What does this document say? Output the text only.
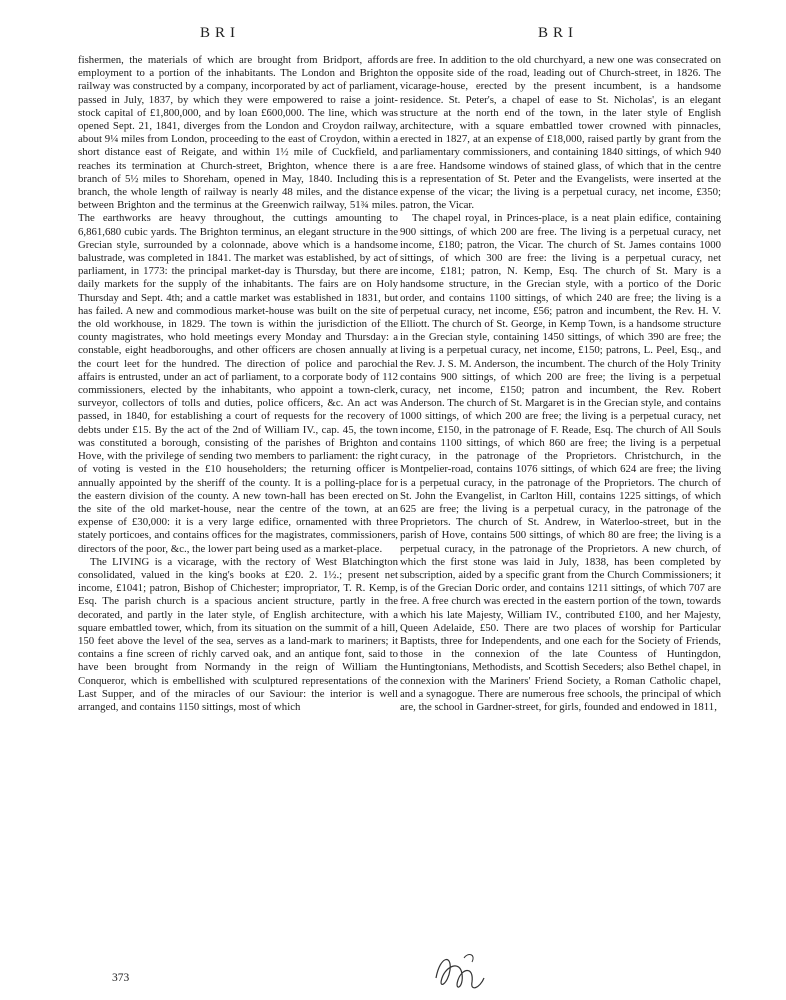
BRI	BRI

fishermen, the materials of which are brought from Bridport, affords employment to a portion of the inhabitants. The London and Brighton railway was constructed by a company, incorporated by act of parliament, passed in July, 1837, by which they were empowered to raise a joint-stock capital of £1,800,000, and by loan £600,000. The line, which was opened Sept. 21, 1841, diverges from the London and Croydon railway, about 9¼ miles from London, proceeding to the east of Croydon, within a short distance east of Reigate, and within 1½ mile of Cuckfield, and reaches its termination at Church-street, Brighton, whence there is a branch of 5½ miles to Shoreham, opened in May, 1840. Including this branch, the whole length of railway is nearly 48 miles, and the distance between Brighton and the terminus at the Greenwich railway, 51¾ miles. The earthworks are heavy throughout, the cuttings amounting to 6,861,680 cubic yards. The Brighton terminus, an elegant structure in the Grecian style, surrounded by a colonnade, above which is a handsome balustrade, was completed in 1841. The market was established, by act of parliament, in 1773: the principal market-day is Thursday, but there are daily markets for the supply of the inhabitants. The fairs are on Holy Thursday and Sept. 4th; and a cattle market was established in 1831, but has failed. A new and commodious market-house was built on the site of the old workhouse, in 1829. The town is within the jurisdiction of the county magistrates, who hold meetings every Monday and Thursday: a constable, eight headboroughs, and other officers are chosen annually at the court leet for the hundred. The direction of police and parochial affairs is entrusted, under an act of parliament, to a corporate body of 112 commissioners, elected by the inhabitants, who appoint a town-clerk, surveyor, collectors of tolls and duties, police officers, &c. An act was passed, in 1840, for establishing a court of requests for the recovery of debts under £15. By the act of the 2nd of William IV., cap. 45, the town was constituted a borough, consisting of the parishes of Brighton and Hove, with the privilege of sending two members to parliament: the right of voting is vested in the £10 householders; the returning officer is annually appointed by the sheriff of the county. It is a polling-place for the eastern division of the county. A new town-hall has been erected on the site of the old market-house, near the centre of the town, at an expense of £30,000: it is a very large edifice, ornamented with three stately porticoes, and contains offices for the magistrates, commissioners, directors of the poor, &c., the lower part being used as a market-place.

The LIVING is a vicarage, with the rectory of West Blatchington consolidated, valued in the king's books at £20. 2. 1½.; present net income, £1041; patron, Bishop of Chichester; impropriator, T. R. Kemp, Esq. The parish church is a spacious ancient structure, partly in the decorated, and partly in the later style, of English architecture, with a square embattled tower, which, from its situation on the summit of a hill, 150 feet above the level of the sea, serves as a land-mark to mariners; it contains a fine screen of richly carved oak, and an antique font, said to have been brought from Normandy in the reign of William the Conqueror, which is embellished with sculptured representations of the Last Supper, and of the miracles of our Saviour: the interior is well arranged, and contains 1150 sittings, most of which

are free. In addition to the old churchyard, a new one was consecrated on the opposite side of the road, leading out of Church-street, in 1826. The vicarage-house, erected by the present incumbent, is a handsome residence. St. Peter's, a chapel of ease to St. Nicholas', is an elegant structure at the north end of the town, in the later style of English architecture, with a square embattled tower crowned with pinnacles, erected in 1827, at an expense of £18,000, raised partly by grant from the parliamentary commissioners, and containing 1840 sittings, of which 940 are free. Handsome windows of stained glass, of which that in the centre is a representation of St. Peter and the Evangelists, were inserted at the expense of the vicar; the living is a perpetual curacy, net income, £350; patron, the Vicar.

The chapel royal, in Princes-place, is a neat plain edifice, containing 900 sittings, of which 200 are free. The living is a perpetual curacy, net income, £180; patron, the Vicar. The church of St. James contains 1000 sittings, of which 300 are free: the living is a perpetual curacy, net income, £181; patron, N. Kemp, Esq. The church of St. Mary is a handsome structure, in the Grecian style, with a portico of the Doric order, and contains 1100 sittings, of which 240 are free; the living is a perpetual curacy, net income, £56; patron and incumbent, the Rev. H. V. Elliott. The church of St. George, in Kemp Town, is a handsome structure in the Grecian style, containing 1450 sittings, of which 390 are free; the living is a perpetual curacy, net income, £150; patrons, L. Peel, Esq., and the Rev. J. S. M. Anderson, the incumbent. The church of the Holy Trinity contains 900 sittings, of which 200 are free; the living is a perpetual curacy, net income, £150; patron and incumbent, the Rev. Robert Anderson. The church of St. Margaret is in the Grecian style, and contains 1000 sittings, of which 200 are free; the living is a perpetual curacy, net income, £150, in the patronage of F. Reade, Esq. The church of All Souls contains 1100 sittings, of which 860 are free; the living is a perpetual curacy, in the patronage of the Proprietors. Christchurch, in the Montpelier-road, contains 1076 sittings, of which 624 are free; the living is a perpetual curacy, in the patronage of the Proprietors. The church of St. John the Evangelist, in Carlton Hill, contains 1225 sittings, of which 625 are free; the living is a perpetual curacy, in the patronage of the Proprietors. The church of St. Andrew, in Waterloo-street, but in the parish of Hove, contains 500 sittings, of which 80 are free; the living is a perpetual curacy, in the patronage of the Proprietors. A new church, of which the first stone was laid in July, 1838, has been completed by subscription, aided by a specific grant from the Church Commissioners; it is of the Grecian Doric order, and contains 1211 sittings, of which 707 are free. A free church was erected in the eastern portion of the town, towards which his late Majesty, William IV., contributed £100, and her Majesty, Queen Adelaide, £50. There are two places of worship for Particular Baptists, three for Independents, and one each for the Society of Friends, those in the connexion of the late Countess of Huntingdon, Huntingtonians, Methodists, and Scottish Seceders; also Bethel chapel, in connexion with the Mariners' Friend Society, a Roman Catholic chapel, and a synagogue. There are numerous free schools, the principal of which are, the school in Gardner-street, for girls, founded and endowed in 1811,

373
